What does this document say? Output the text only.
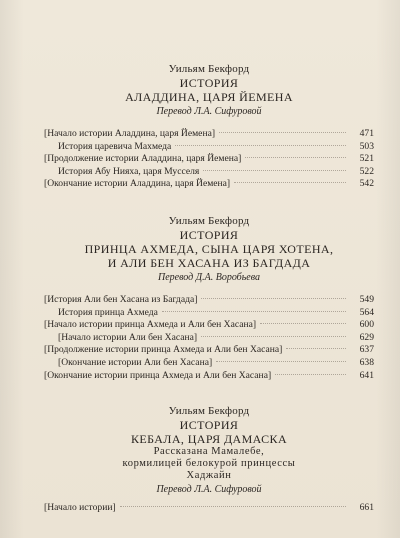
Уильям Бекфорд

ИСТОРИЯ

АЛАДДИНА, ЦАРЯ ЙЕМЕНА

Перевод Л.А. Сифуровой

[Начало истории Аладдина, царя Йемена]	471
История царевича Махмеда	503
[Продолжение истории Аладдина, царя Йемена]	521
История Абу Нияха, царя Мусселя	522
[Окончание истории Аладдина, царя Йемена]	542

Уильям Бекфорд

ИСТОРИЯ

ПРИНЦА АХМЕДА, СЫНА ЦАРЯ ХОТЕНА,

И АЛИ БЕН ХАСАНА ИЗ БАГДАДА

Перевод Д.А. Воробьева

[История Али бен Хасана из Багдада]	549
История принца Ахмеда	564
[Начало истории принца Ахмеда и Али бен Хасана]	600
[Начало истории Али бен Хасана]	629
[Продолжение истории принца Ахмеда и Али бен Хасана]	637
[Окончание истории Али бен Хасана]	638
[Окончание истории принца Ахмеда и Али бен Хасана]	641

Уильям Бекфорд

ИСТОРИЯ

КЕБАЛА, ЦАРЯ ДАМАСКА

Рассказана Мамалебе,

кормилицей белокурой принцессы

Хаджайн

Перевод Л.А. Сифуровой

[Начало истории]	661
